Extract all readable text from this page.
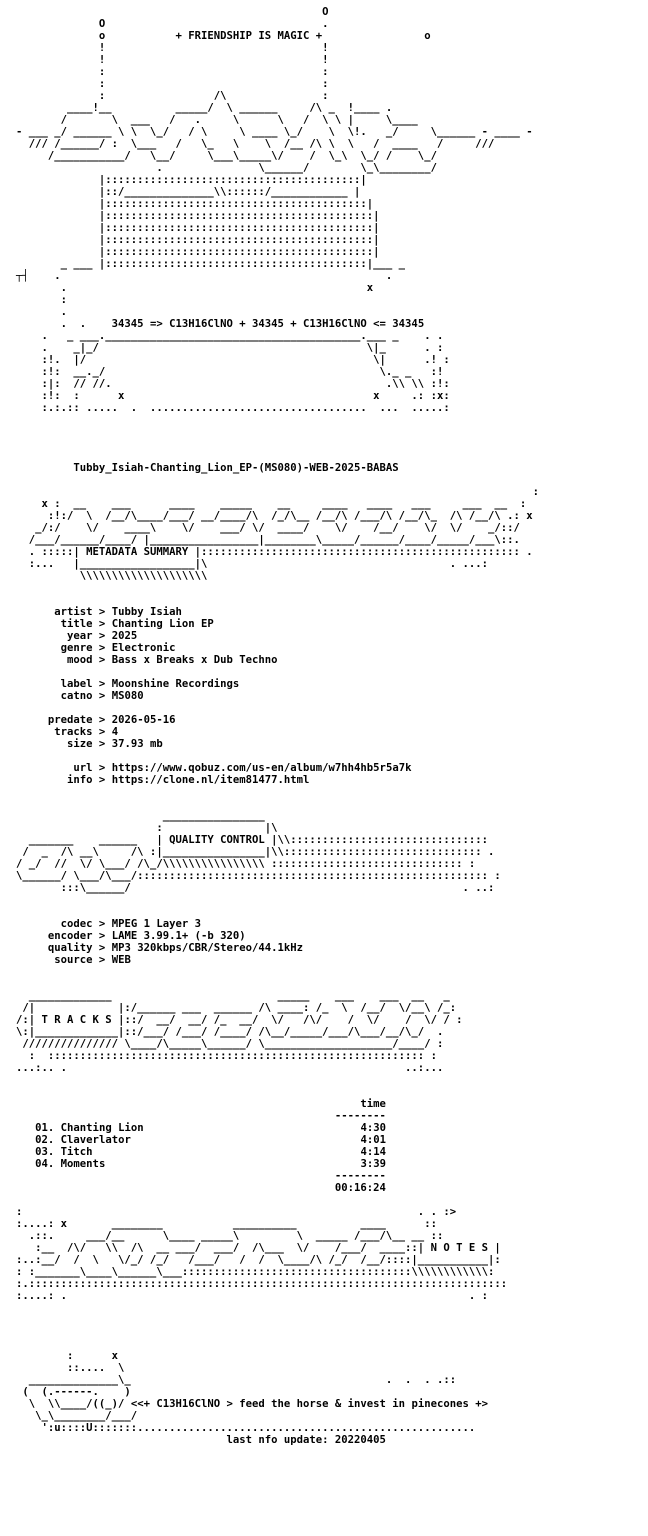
O
O                                  .
o           + FRIENDSHIP IS MAGIC +                o
!                                  !
!                                  !
:                                  :
:                                  :
:                 /\               :
____!__          _____/  \ ______     /\ _  !____ .
/       \  ___   /   .     \      \   /  \ \ |     \____
- ___ _/ ______ \ \  \_/   / \     \ ____ \_/    \  \!.   _/     \______ - ____ -
/// /______/ :  \___   /   \_   \    \  /__ /\ \  \   /  ____   /     ///
/___________/   \__/     \___\_____\/    /  \_\  \_/ /    \_/
.               \______/        \_\________/
|::::::::::::::::::::::::::::::::::::::::|
|::/______________\\::::::/____________ |
|:::::::::::::::::::::::::::::::::::::::::|
|::::::::::::::::::::::::::::::::::::::::::|
|::::::::::::::::::::::::::::::::::::::::::|
|::::::::::::::::::::::::::::::::::::::::::|
|::::::::::::::::::::::::::::::::::::::::::|
_ ___ |:::::::::::::::::::::::::::::::::::::::::|___ _
┬┤    .                                                   .
.                                               x
:
.
.  .    34345 => C13H16ClNO + 34345 + C13H16ClNO <= 34345
.   _ ___.________________________________________.___ _    . .
.    _|_/                                          \|_      . :
:!.  |/                                             \|      .! :
:!:  __._/                                           \._ _   :!
:|:  // //.                                           .\\ \\ :!:
:!:  :      x                                       x     .: :x:
:.:.:: .....  .  ..................................  ...  .....:

Tubby_Isiah-Chanting_Lion_EP-(MS080)-WEB-2025-BABAS

:
x :  __    ___      ____    _____    __     ____   ____   ___     ___  __  :
:!:/  \  /__/\____/___/ __/____/\  /_/\__ /__/\ /___/\ /__/\_  /\ /__/\ .: x
_/:/    \/    ____\    \/    ___/ \/  ____/    \/    /__/    \/  \/    _/::/
/___/______/____/ |_________________|________\_____/______/____/_____/___\::.
. :::::| METADATA SUMMARY |:::::::::::::::::::::::::::::::::::::::::::::::::: .
:...   |__________________|\                                      . ...:
\\\\\\\\\\\\\\\\\\\\

artist > Tubby Isiah
title > Chanting Lion EP
year > 2025
genre > Electronic
mood > Bass x Breaks x Dub Techno

label > Moonshine Recordings
catno > MS080

predate > 2026-05-16
tracks > 4
size > 37.93 mb

url > https://www.qobuz.com/us-en/album/w7hh4hb5r5a7k
info > https://clone.nl/item81477.html

________________
:                |\
_______    ______   | QUALITY CONTROL |\\:::::::::::::::::::::::::::::::
/  _  /\ __\     /\ :|________________|\\::::::::::::::::::::::::::::::: .
/ _/  //  \/ \___/ /\_/\\\\\\\\\\\\\\\\ :::::::::::::::::::::::::::::: :
\______/ \___/\___/::::::::::::::::::::::::::::::::::::::::::::::::::::::: :
:::\______/                                                    . ..:

codec > MPEG 1 Layer 3
encoder > LAME 3.99.1+ (-b 320)
quality > MP3 320kbps/CBR/Stereo/44.1kHz
source > WEB

_____________                          _____    ___    ___  __   _
/|             |:/______ ___  ______ /\ ____: /_  \  /__/  \/__\ /_:
/:| T R A C K S |::/  __/  __/ /_  __/  \/   /\/    /  \/    /  \/ / :
\:|_____________|::/___/ /___/ /____/ /\__/_____/___/\___/__/\_/  .
/////////////// \____/\_____\______/ \____________________/____/ :
:  ::::::::::::::::::::::::::::::::::::::::::::::::::::::::::: :
...:.. .                                                     ..:...

time
--------
01. Chanting Lion	4:30
02. Claverlator	4:01
03. Titch	4:14
04. Moments	3:39
--------
00:16:24

:                                                              . . :>
:....: x       ________           __________          ____      ::
.::.     ___/__      \____ _____\         \  _____ /___/\__ __ ::
:__  /\/   \\  /\  __ ___/  ___/  /\___  \/    /___/  ____::| N O T E S |
:..:__/  /  \   \/_/ /_/   /___/   /  /  \____/\ /_/  /__/::::|___________|:
: :_______\____\______\___::::::::::::::::::::::::::::::::::::\\\\\\\\\\\\:
:.:::::::::::::::::::::::::::::::::::::::::::::::::::::::::::::::::::::::::::
:....: .                                                               . :

:      x
::....  \
______________\_                                        .  .  . .::
(  (.------.    )
\  \\____/((_)/ <<+ C13H16ClNO > feed the horse & invest in pinecones +>
\_\________/___/
':u::::U:::::::.....................................................
last nfo update: 20220405
